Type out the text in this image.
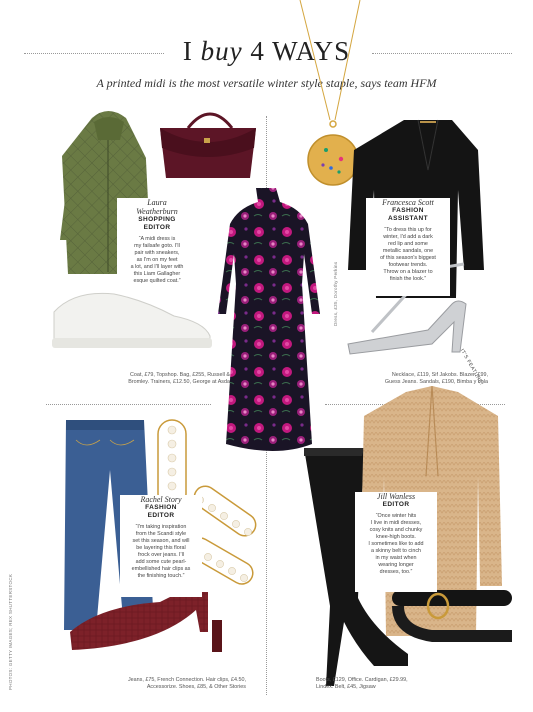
I buy 4 WAYS
A printed midi is the most versatile winter style staple, says team HFM
Laura
Weatherburn
SHOPPING
EDITOR
“A midi dress is
my failsafe goto. I'll
pair with sneakers,
as I'm on my feet
a lot, and I'll layer with
this Liam Gallagher
esque quilted coat.”
Francesca Scott
FASHION
ASSISTANT
“To dress this up for
winter, I'd add a dark
red lip and some
metallic sandals, one
of this season's biggest
footwear trends.
Throw on a blazer to
finish the look.”
Rachel Story
FASHION
EDITOR
“I'm taking inspiration
from the Scandi style
set this season, and will
be layering this floral
frock over jeans. I'll
add some cute pearl-
embellished hair clips as
the finishing touch.”
Jill Wanless
EDITOR
“Once winter hits
I live in midi dresses,
cosy knits and chunky
knee-high boots.
I sometimes like to add
a skinny belt to cinch
in my waist when
wearing longer
dresses, too.”
Dress, £35, Dorothy Perkins
IT'S FEATURE!
Coat, £79, Topshop. Bag, £255, Russell &
Bromley. Trainers, £12.50, George at Asda
Necklace, £119, Sif Jakobs. Blazer, £99,
Guess Jeans. Sandals, £190, Bimba y Lola
Jeans, £75, French Connection. Hair clips, £4.50,
Accessorize. Shoes, £85, & Other Stories
Boots, £129, Office. Cardigan, £29.99,
Lindex. Belt, £45, Jigsaw
PHOTOS: GETTY IMAGES; REX SHUTTERSTOCK
